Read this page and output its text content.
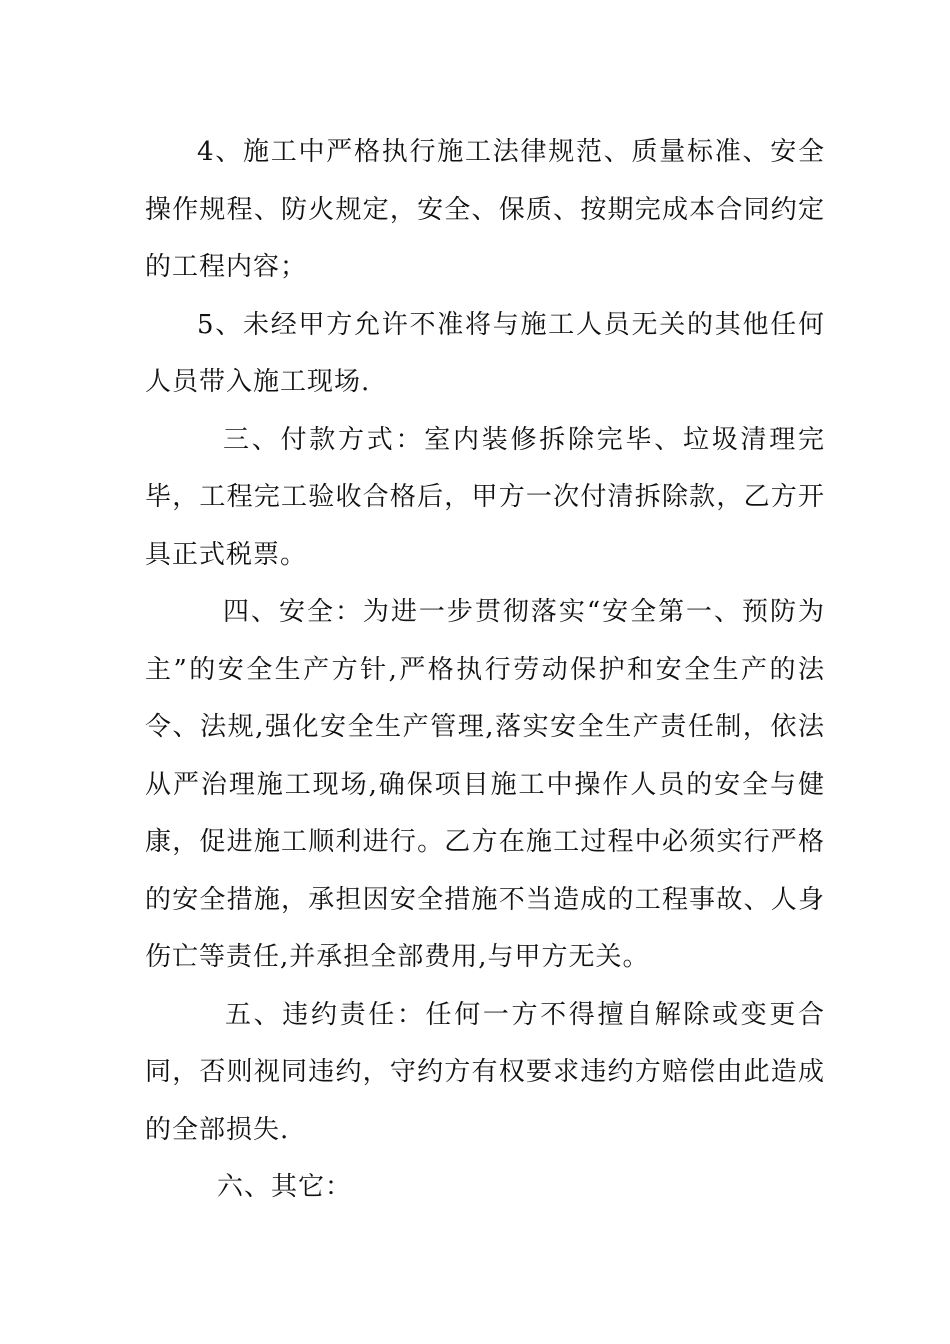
4、施工中严格执行施工法律规范、质量标准、安全操作规程、防火规定，安全、保质、按期完成本合同约定的工程内容；

5、未经甲方允许不准将与施工人员无关的其他任何人员带入施工现场.

三、付款方式：室内装修拆除完毕、垃圾清理完毕，工程完工验收合格后，甲方一次付清拆除款，乙方开具正式税票。

四、安全：为进一步贯彻落实“安全第一、预防为主”的安全生产方针,严格执行劳动保护和安全生产的法令、法规,强化安全生产管理,落实安全生产责任制，依法从严治理施工现场,确保项目施工中操作人员的安全与健康，促进施工顺利进行。乙方在施工过程中必须实行严格的安全措施，承担因安全措施不当造成的工程事故、人身伤亡等责任,并承担全部费用,与甲方无关。

五、违约责任：任何一方不得擅自解除或变更合同，否则视同违约，守约方有权要求违约方赔偿由此造成的全部损失.

六、其它：
